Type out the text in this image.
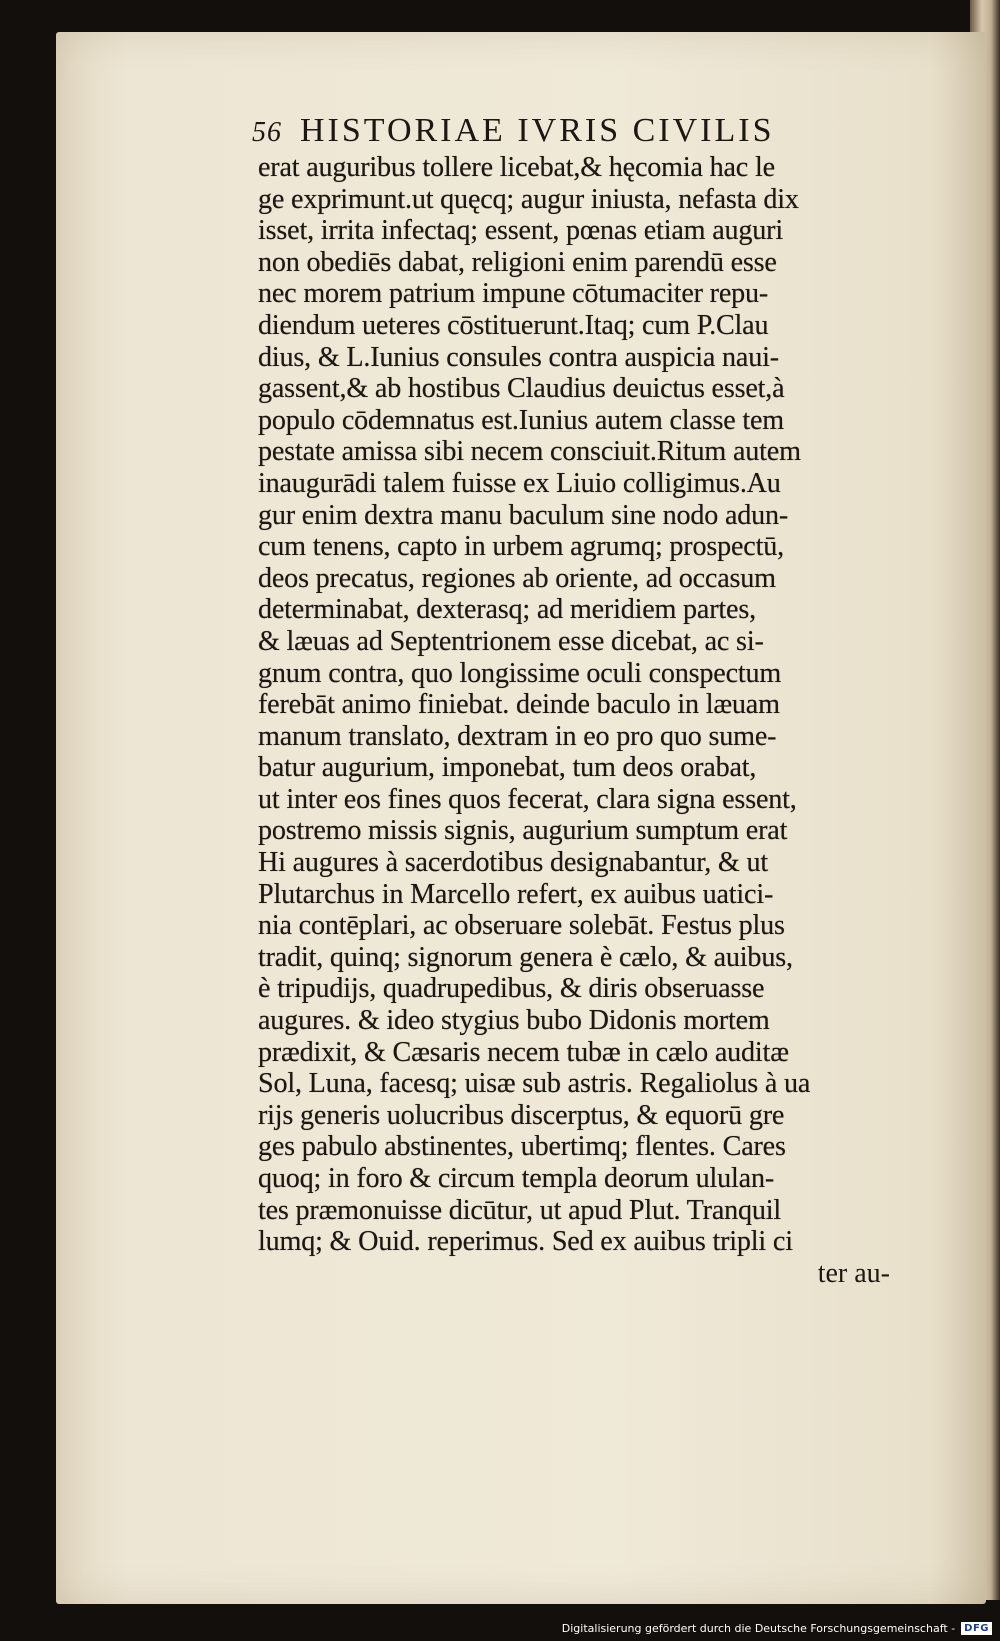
56 HISTORIAE IVRIS CIVILIS
erat auguribus tollere licebat,& hęcomia hac le
ge exprimunt.ut quęcq; augur iniusta, nefasta dix
isset, irrita infectaq; essent, pœnas etiam auguri
non obediēs dabat, religioni enim parendū esse
nec morem patrium impune cōtumaciter repu-
diendum ueteres cōstituerunt.Itaq; cum P.Clau
dius, & L.Iunius consules contra auspicia naui-
gassent,& ab hostibus Claudius deuictus esset,à
populo cōdemnatus est.Iunius autem classe tem
pestate amissa sibi necem consciuit.Ritum autem
inaugurādi talem fuisse ex Liuio colligimus.Au
gur enim dextra manu baculum sine nodo adun-
cum tenens, capto in urbem agrumq; prospectū,
deos precatus, regiones ab oriente, ad occasum
determinabat, dexterasq; ad meridiem partes,
& læuas ad Septentrionem esse dicebat, ac si-
gnum contra, quo longissime oculi conspectum
ferebāt animo finiebat. deinde baculo in læuam
manum translato, dextram in eo pro quo sume-
batur augurium, imponebat, tum deos orabat,
ut inter eos fines quos fecerat, clara signa essent,
postremo missis signis, augurium sumptum erat
Hi augures à sacerdotibus designabantur, & ut
Plutarchus in Marcello refert, ex auibus uatici-
nia contēplari, ac obseruare solebāt. Festus plus
tradit, quinq; signorum genera è cælo, & auibus,
è tripudijs, quadrupedibus, & diris obseruasse
augures. & ideo stygius bubo Didonis mortem
prædixit, & Cæsaris necem tubæ in cælo auditæ
Sol, Luna, facesq; uisæ sub astris. Regaliolus à ua
rijs generis uolucribus discerptus, & equorū gre
ges pabulo abstinentes, ubertimq; flentes. Cares
quoq; in foro & circum templa deorum ululan-
tes præmonuisse dicūtur, ut apud Plut. Tranquil
lumq; & Ouid. reperimus. Sed ex auibus tripli ci
ter au-
Digitalisierung gefördert durch die Deutsche Forschungsgemeinschaft - DFG
